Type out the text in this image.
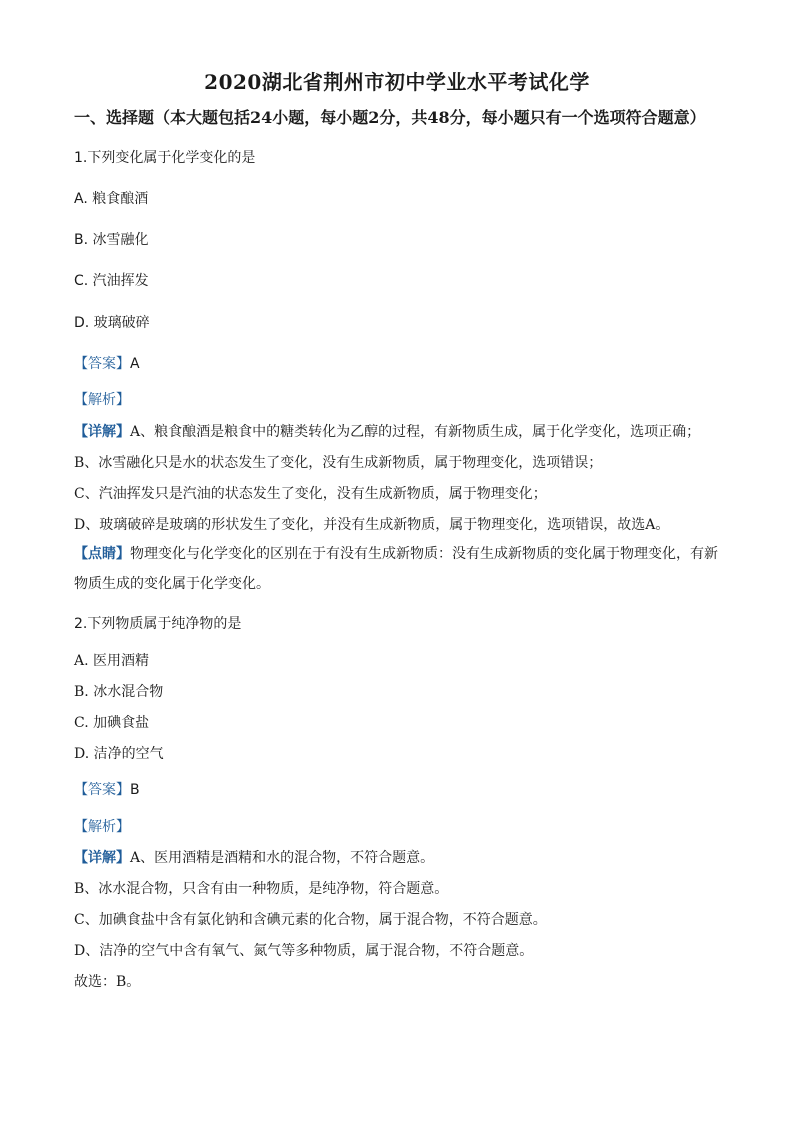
2020湖北省荆州市初中学业水平考试化学
一、选择题（本大题包括24小题，每小题2分，共48分，每小题只有一个选项符合题意）
1.下列变化属于化学变化的是
A. 粮食酿酒
B. 冰雪融化
C. 汽油挥发
D. 玻璃破碎
【答案】A
【解析】
【详解】A、粮食酿酒是粮食中的糖类转化为乙醇的过程，有新物质生成，属于化学变化，选项正确；
B、冰雪融化只是水的状态发生了变化，没有生成新物质，属于物理变化，选项错误；
C、汽油挥发只是汽油的状态发生了变化，没有生成新物质，属于物理变化；
D、玻璃破碎是玻璃的形状发生了变化，并没有生成新物质，属于物理变化，选项错误，故选A。
【点睛】物理变化与化学变化的区别在于有没有生成新物质：没有生成新物质的变化属于物理变化，有新物质生成的变化属于化学变化。
2.下列物质属于纯净物的是
A. 医用酒精
B. 冰水混合物
C. 加碘食盐
D. 洁净的空气
【答案】B
【解析】
【详解】A、医用酒精是酒精和水的混合物，不符合题意。
B、冰水混合物，只含有由一种物质，是纯净物，符合题意。
C、加碘食盐中含有氯化钠和含碘元素的化合物，属于混合物，不符合题意。
D、洁净的空气中含有氧气、氮气等多种物质，属于混合物，不符合题意。
故选：B。
